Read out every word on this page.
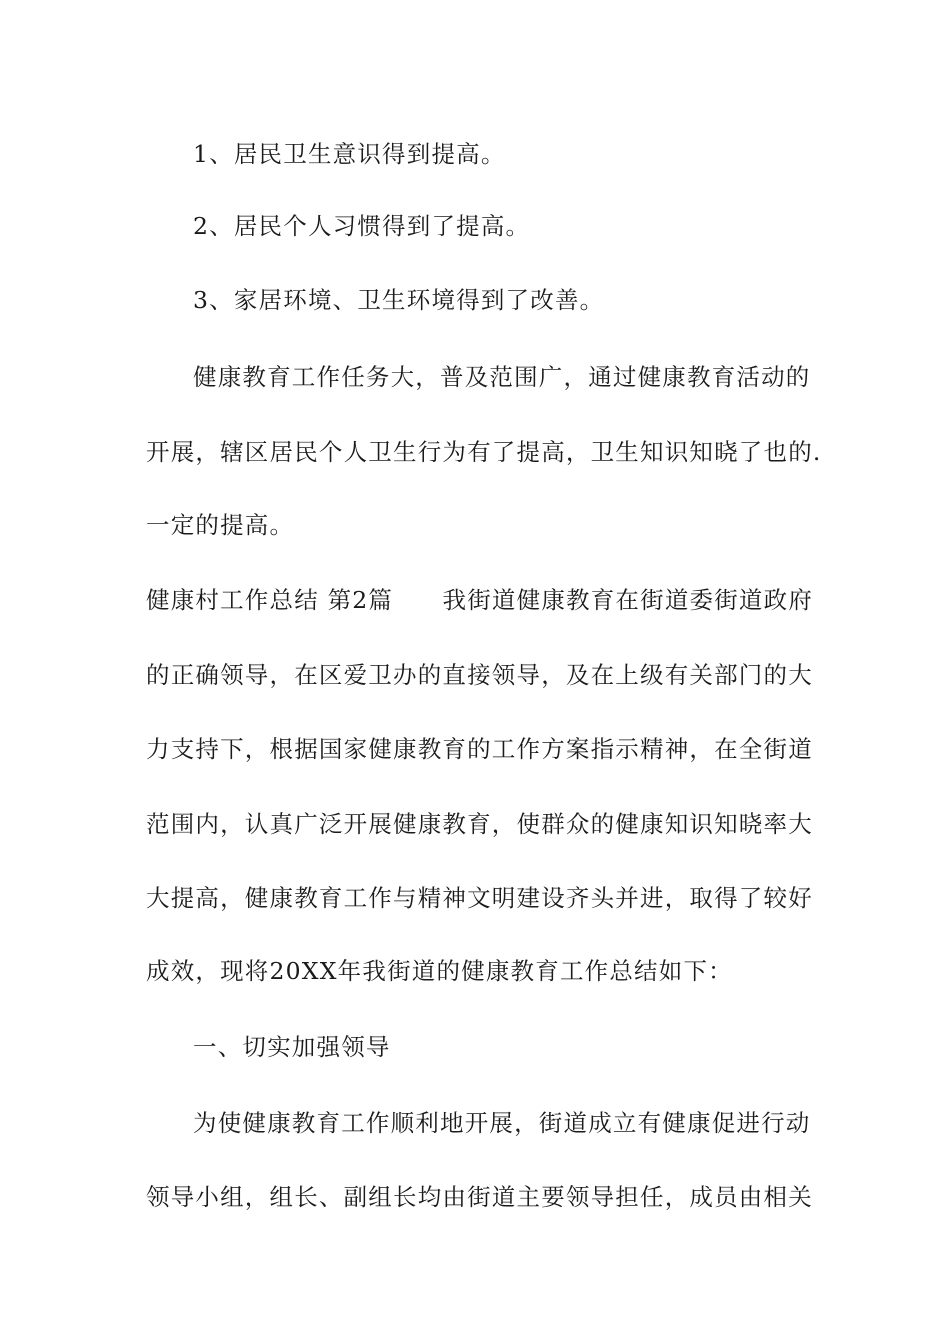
1、居民卫生意识得到提高。
2、居民个人习惯得到了提高。
3、家居环境、卫生环境得到了改善。
健康教育工作任务大，普及范围广，通过健康教育活动的
开展，辖区居民个人卫生行为有了提高，卫生知识知晓了也的.
一定的提高。
健康村工作总结 第2篇　　我街道健康教育在街道委街道政府
的正确领导，在区爱卫办的直接领导，及在上级有关部门的大
力支持下，根据国家健康教育的工作方案指示精神，在全街道
范围内，认真广泛开展健康教育，使群众的健康知识知晓率大
大提高，健康教育工作与精神文明建设齐头并进，取得了较好
成效，现将20XX年我街道的健康教育工作总结如下：
一、切实加强领导
为使健康教育工作顺利地开展，街道成立有健康促进行动
领导小组，组长、副组长均由街道主要领导担任，成员由相关
